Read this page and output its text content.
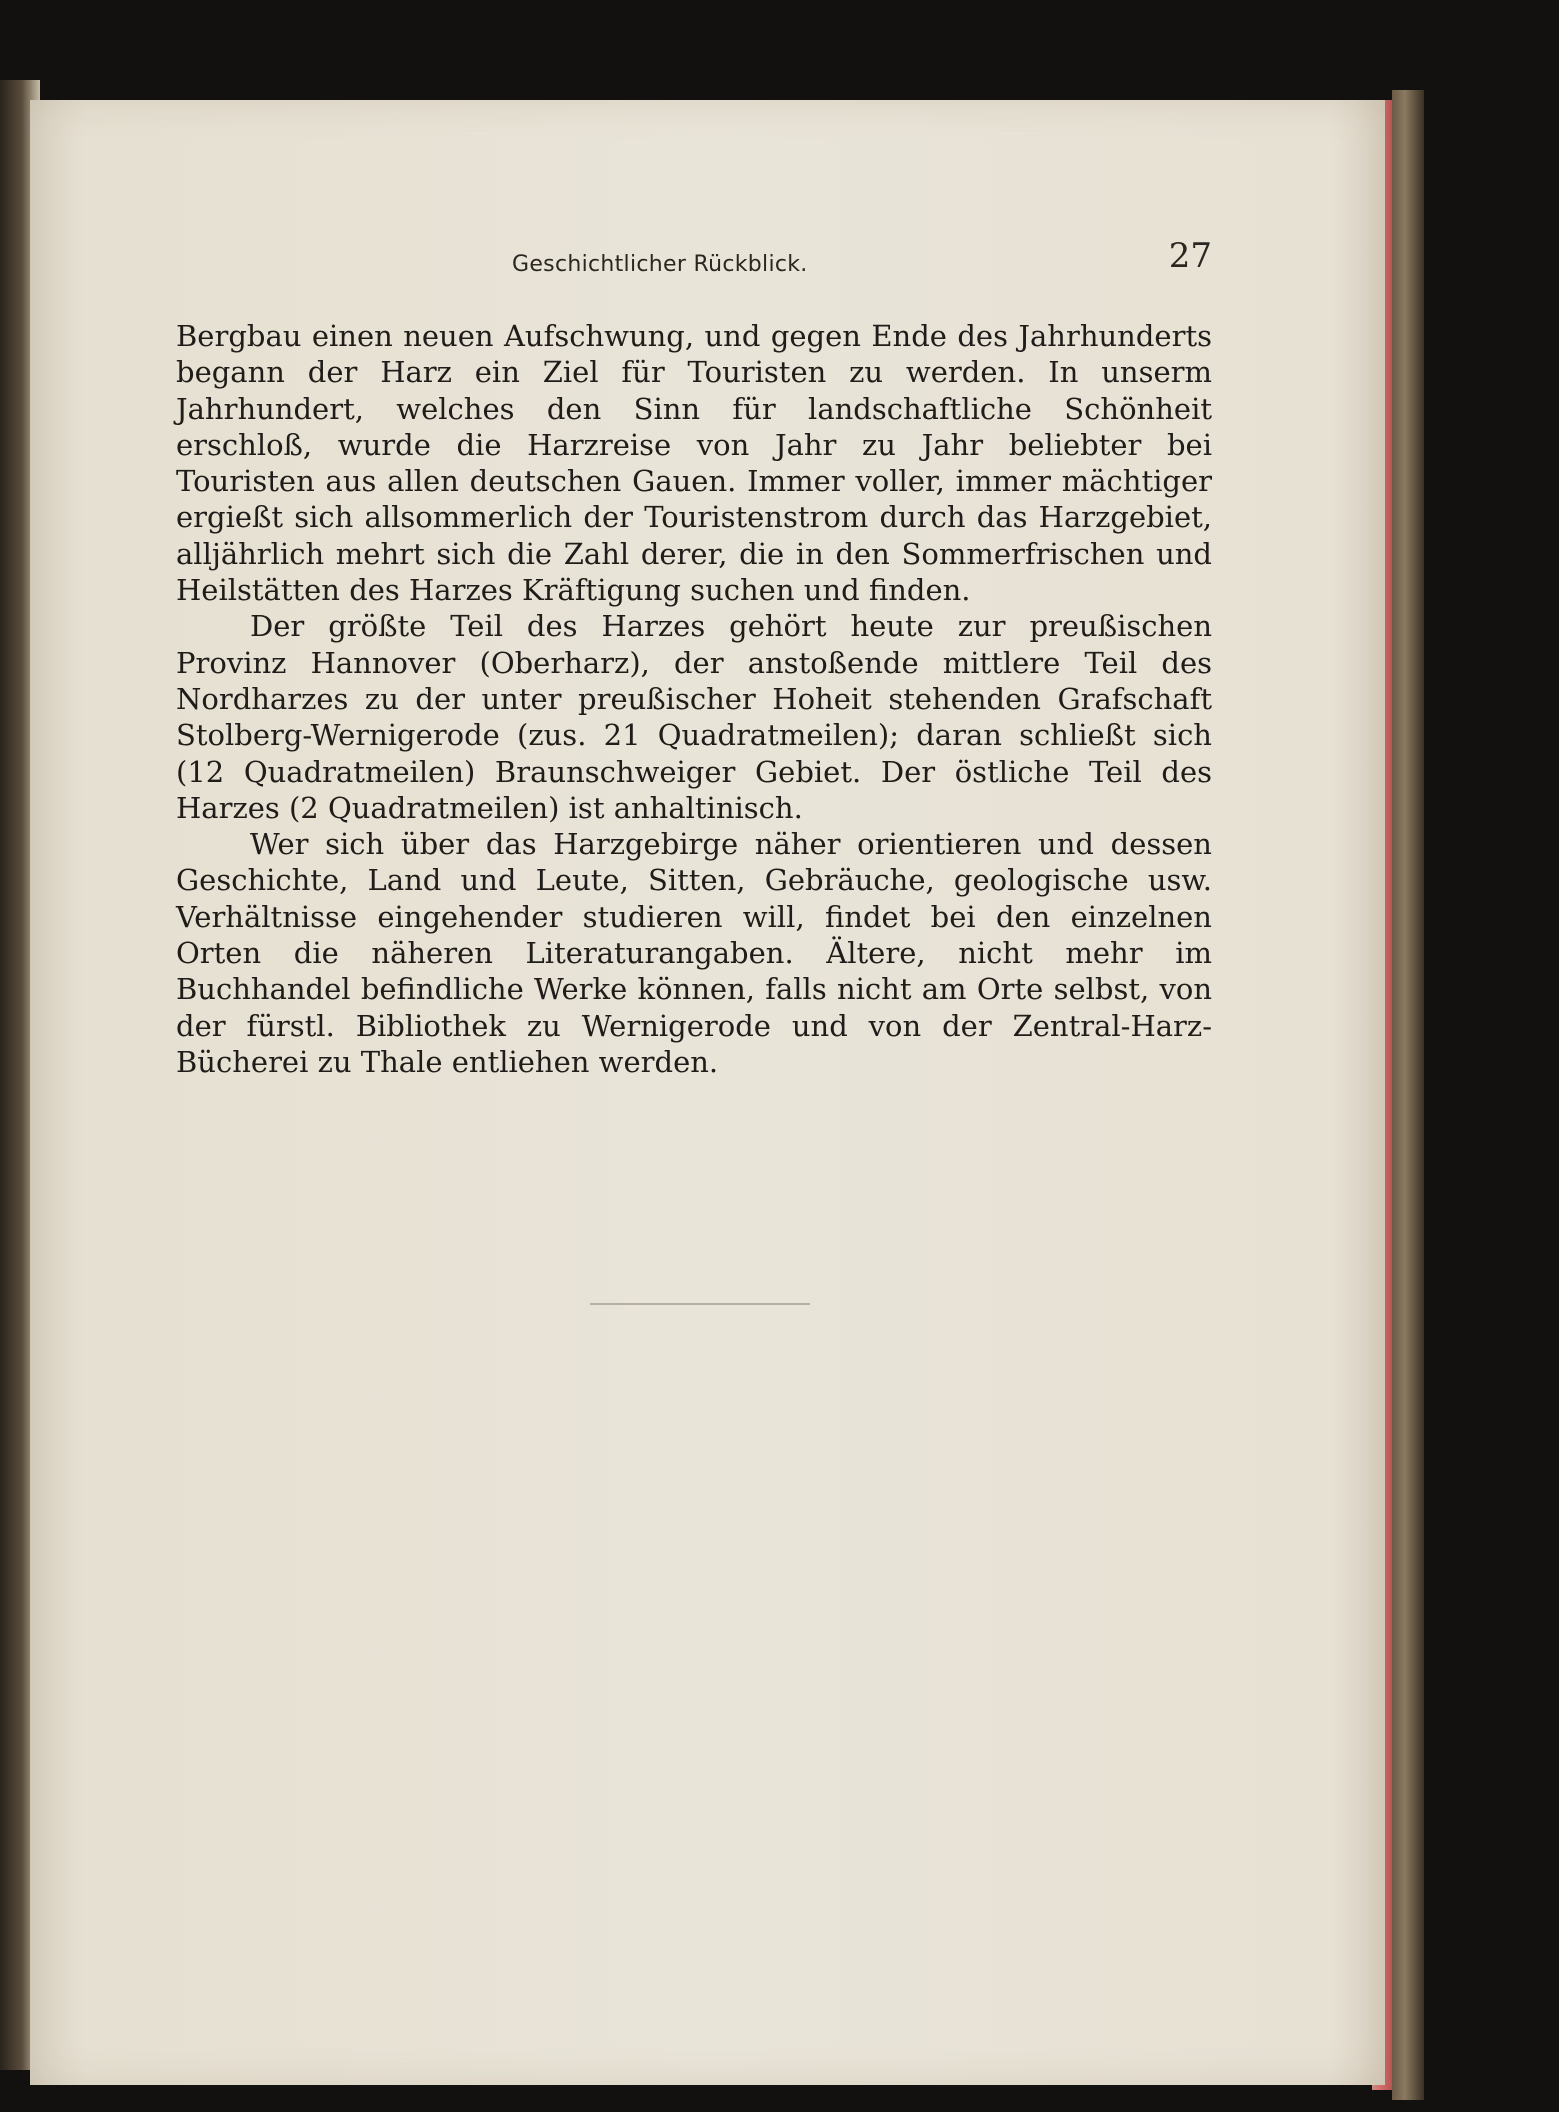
Geschichtlicher Rückblick.	27

Bergbau einen neuen Aufschwung, und gegen Ende des Jahrhunderts begann der Harz ein Ziel für Touristen zu werden. In unserm Jahrhundert, welches den Sinn für landschaftliche Schönheit erschloß, wurde die Harzreise von Jahr zu Jahr beliebter bei Touristen aus allen deutschen Gauen. Immer voller, immer mächtiger ergießt sich allsommerlich der Touristenstrom durch das Harzgebiet, alljährlich mehrt sich die Zahl derer, die in den Sommerfrischen und Heilstätten des Harzes Kräftigung suchen und finden.

Der größte Teil des Harzes gehört heute zur preußischen Provinz Hannover (Oberharz), der anstoßende mittlere Teil des Nordharzes zu der unter preußischer Hoheit stehenden Grafschaft Stolberg-Wernigerode (zus. 21 Quadratmeilen); daran schließt sich (12 Quadratmeilen) Braunschweiger Gebiet. Der östliche Teil des Harzes (2 Quadratmeilen) ist anhaltinisch.

Wer sich über das Harzgebirge näher orientieren und dessen Geschichte, Land und Leute, Sitten, Gebräuche, geologische usw. Verhältnisse eingehender studieren will, findet bei den einzelnen Orten die näheren Literaturangaben. Ältere, nicht mehr im Buchhandel befindliche Werke können, falls nicht am Orte selbst, von der fürstl. Bibliothek zu Wernigerode und von der Zentral-Harz-Bücherei zu Thale entliehen werden.
